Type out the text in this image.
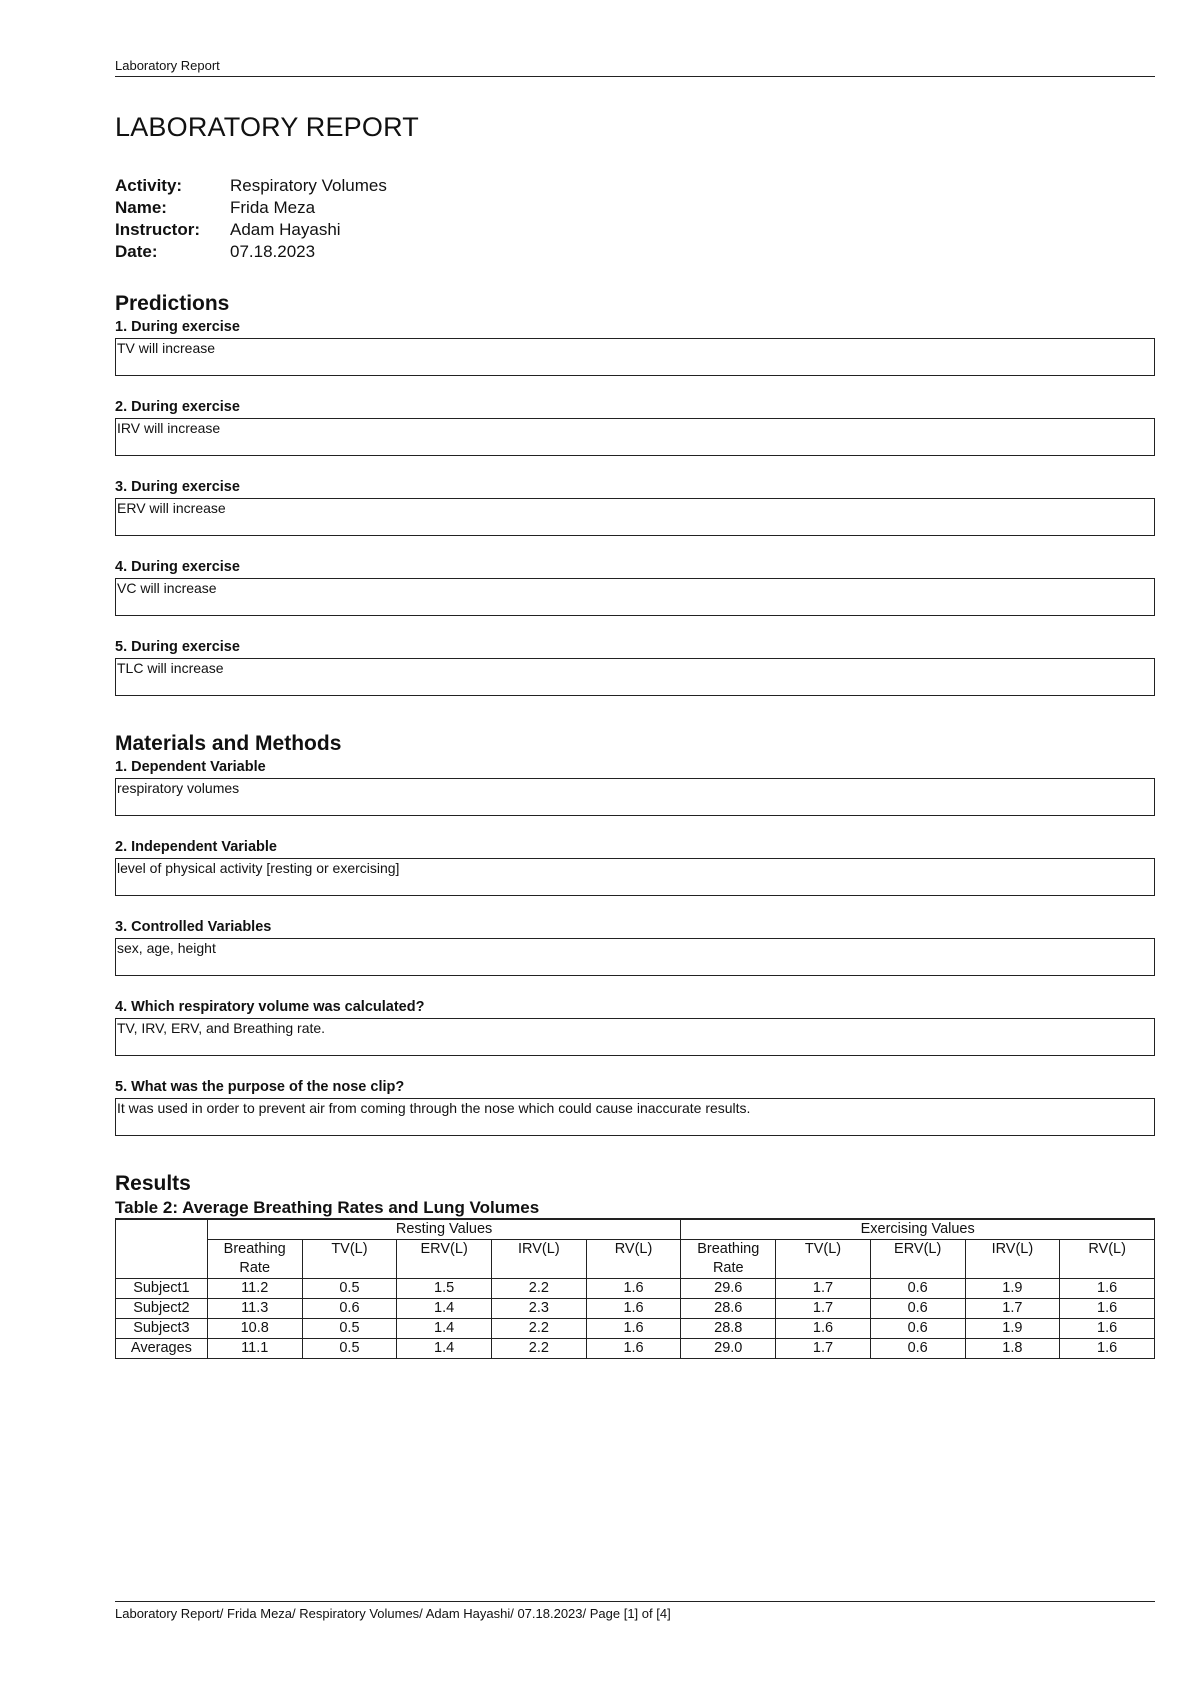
Laboratory Report
LABORATORY REPORT
Activity:	Respiratory Volumes
Name:	Frida Meza
Instructor:	Adam Hayashi
Date:	07.18.2023
Predictions
1. During exercise
TV will increase
2. During exercise
IRV will increase
3. During exercise
ERV will increase
4. During exercise
VC will increase
5. During exercise
TLC will increase
Materials and Methods
1. Dependent Variable
respiratory volumes
2. Independent Variable
level of physical activity [resting or exercising]
3. Controlled Variables
sex, age, height
4. Which respiratory volume was calculated?
TV, IRV, ERV, and Breathing rate.
5. What was the purpose of the nose clip?
It was used in order to prevent air from coming through the nose which could cause inaccurate results.
Results
Table 2: Average Breathing Rates and Lung Volumes
	Resting Values					Exercising Values				
	Breathing Rate	TV(L)	ERV(L)	IRV(L)	RV(L)	Breathing Rate	TV(L)	ERV(L)	IRV(L)	RV(L)
Subject1	11.2	0.5	1.5	2.2	1.6	29.6	1.7	0.6	1.9	1.6
Subject2	11.3	0.6	1.4	2.3	1.6	28.6	1.7	0.6	1.7	1.6
Subject3	10.8	0.5	1.4	2.2	1.6	28.8	1.6	0.6	1.9	1.6
Averages	11.1	0.5	1.4	2.2	1.6	29.0	1.7	0.6	1.8	1.6
Laboratory Report/ Frida Meza/ Respiratory Volumes/ Adam Hayashi/ 07.18.2023/ Page [1] of [4]
